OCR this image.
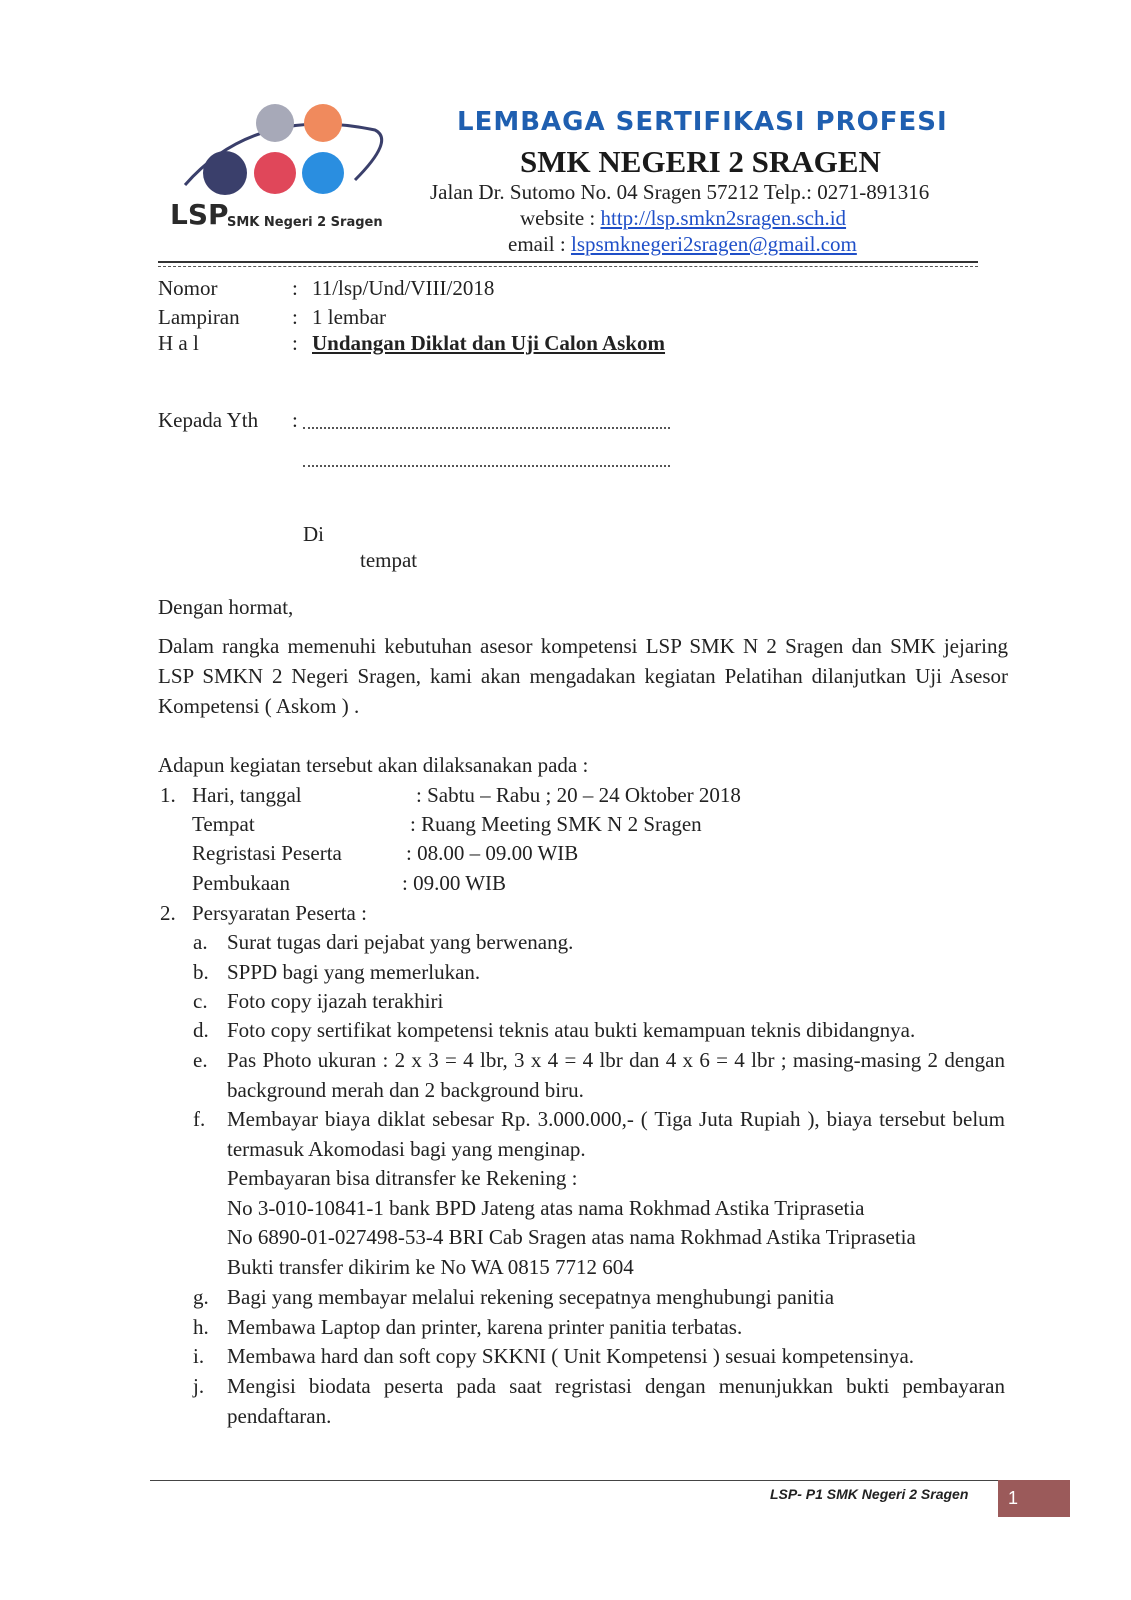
LSP
SMK Negeri 2 Sragen
LEMBAGA SERTIFIKASI PROFESI
SMK NEGERI 2 SRAGEN
Jalan Dr. Sutomo No. 04 Sragen 57212 Telp.: 0271-891316
website : http://lsp.smkn2sragen.sch.id
email : lspsmknegeri2sragen@gmail.com
Nomor	: 11/lsp/Und/VIII/2018
Lampiran : 1 lembar
H a l	: Undangan Diklat dan Uji Calon Askom
Kepada Yth :
Di
tempat
Dengan hormat,
Dalam rangka memenuhi kebutuhan asesor kompetensi LSP SMK N 2 Sragen dan SMK jejaring LSP SMKN 2 Negeri Sragen, kami akan mengadakan kegiatan Pelatihan dilanjutkan Uji Asesor Kompetensi ( Askom ) .
Adapun kegiatan tersebut akan dilaksanakan pada :
1. Hari, tanggal	: Sabtu – Rabu ; 20 – 24 Oktober 2018
Tempat	: Ruang Meeting SMK N 2 Sragen
Regristasi Peserta	: 08.00 – 09.00 WIB
Pembukaan	: 09.00 WIB
2. Persyaratan Peserta :
a. Surat tugas dari pejabat yang berwenang.
b. SPPD bagi yang memerlukan.
c. Foto copy ijazah terakhiri
d. Foto copy sertifikat kompetensi teknis atau bukti kemampuan teknis dibidangnya.
e. Pas Photo ukuran : 2 x 3 = 4 lbr, 3 x 4 = 4 lbr dan 4 x 6 = 4 lbr ; masing-masing 2 dengan background merah dan 2 background biru.
f. Membayar biaya diklat sebesar Rp. 3.000.000,- ( Tiga Juta Rupiah ), biaya tersebut belum termasuk Akomodasi bagi yang menginap.
Pembayaran bisa ditransfer ke Rekening :
No 3-010-10841-1 bank BPD Jateng atas nama Rokhmad Astika Triprasetia
No 6890-01-027498-53-4 BRI Cab Sragen atas nama Rokhmad Astika Triprasetia
Bukti transfer dikirim ke No WA 0815 7712 604
g. Bagi yang membayar melalui rekening secepatnya menghubungi panitia
h. Membawa Laptop dan printer, karena printer panitia terbatas.
i. Membawa hard dan soft copy SKKNI ( Unit Kompetensi ) sesuai kompetensinya.
j. Mengisi biodata peserta pada saat regristasi dengan menunjukkan bukti pembayaran pendaftaran.
LSP- P1 SMK Negeri 2 Sragen 1
